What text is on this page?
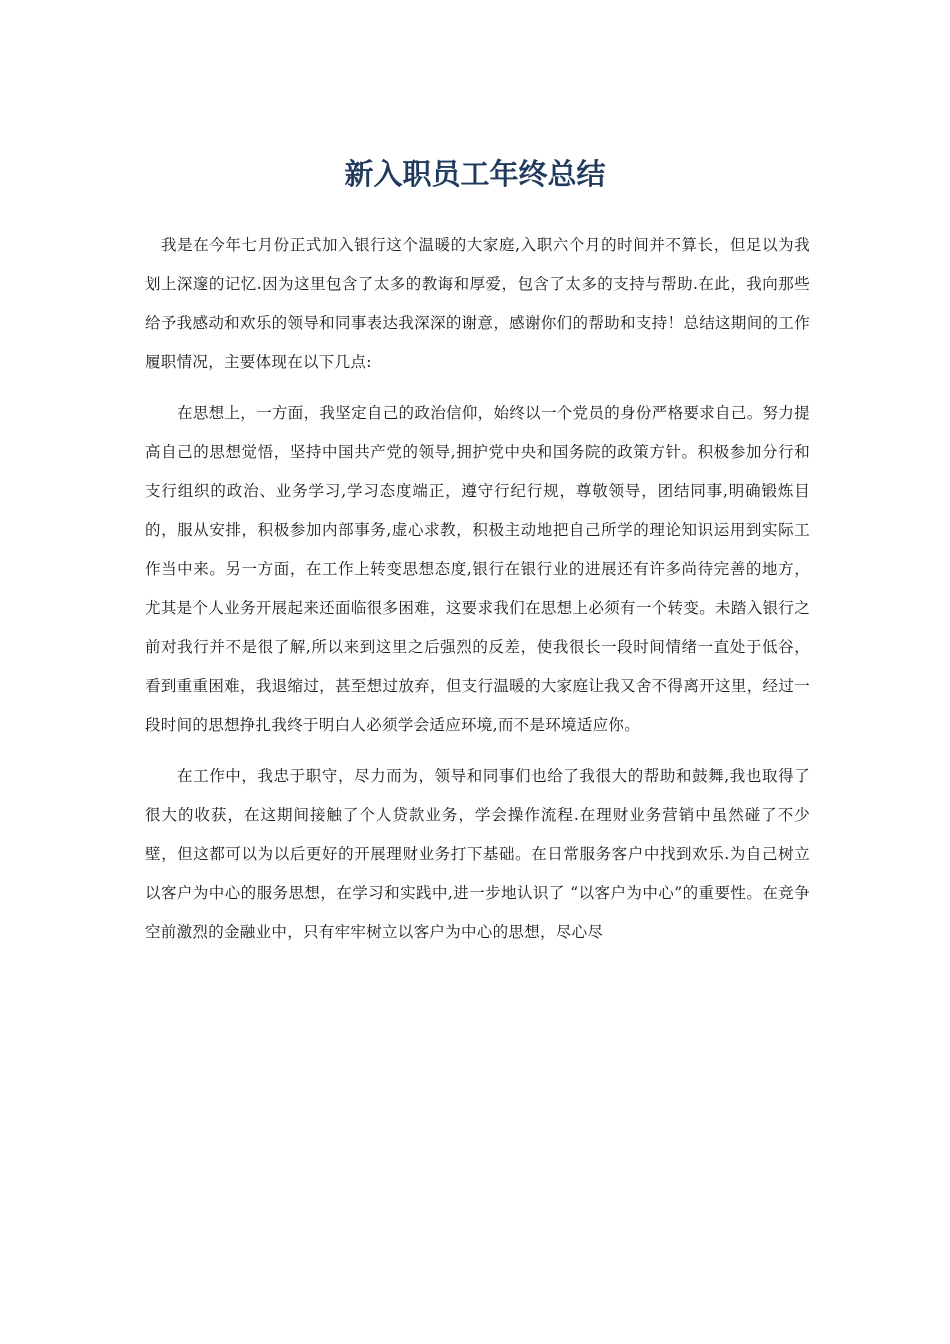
新入职员工年终总结

我是在今年七月份正式加入银行这个温暖的大家庭,入职六个月的时间并不算长，但足以为我划上深邃的记忆.因为这里包含了太多的教诲和厚爱，包含了太多的支持与帮助.在此，我向那些给予我感动和欢乐的领导和同事表达我深深的谢意，感谢你们的帮助和支持！总结这期间的工作履职情况，主要体现在以下几点:

在思想上，一方面，我坚定自己的政治信仰，始终以一个党员的身份严格要求自己。努力提高自己的思想觉悟，坚持中国共产党的领导,拥护党中央和国务院的政策方针。积极参加分行和支行组织的政治、业务学习,学习态度端正，遵守行纪行规，尊敬领导，团结同事,明确锻炼目的，服从安排，积极参加内部事务,虚心求教，积极主动地把自己所学的理论知识运用到实际工作当中来。另一方面，在工作上转变思想态度,银行在银行业的进展还有许多尚待完善的地方，尤其是个人业务开展起来还面临很多困难，这要求我们在思想上必须有一个转变。未踏入银行之前对我行并不是很了解,所以来到这里之后强烈的反差，使我很长一段时间情绪一直处于低谷，看到重重困难，我退缩过，甚至想过放弃，但支行温暖的大家庭让我又舍不得离开这里，经过一段时间的思想挣扎我终于明白人必须学会适应环境,而不是环境适应你。

在工作中，我忠于职守，尽力而为，领导和同事们也给了我很大的帮助和鼓舞,我也取得了很大的收获，在这期间接触了个人贷款业务，学会操作流程.在理财业务营销中虽然碰了不少壁，但这都可以为以后更好的开展理财业务打下基础。在日常服务客户中找到欢乐.为自己树立以客户为中心的服务思想，在学习和实践中,进一步地认识了 “以客户为中心”的重要性。在竞争空前激烈的金融业中，只有牢牢树立以客户为中心的思想，尽心尽
